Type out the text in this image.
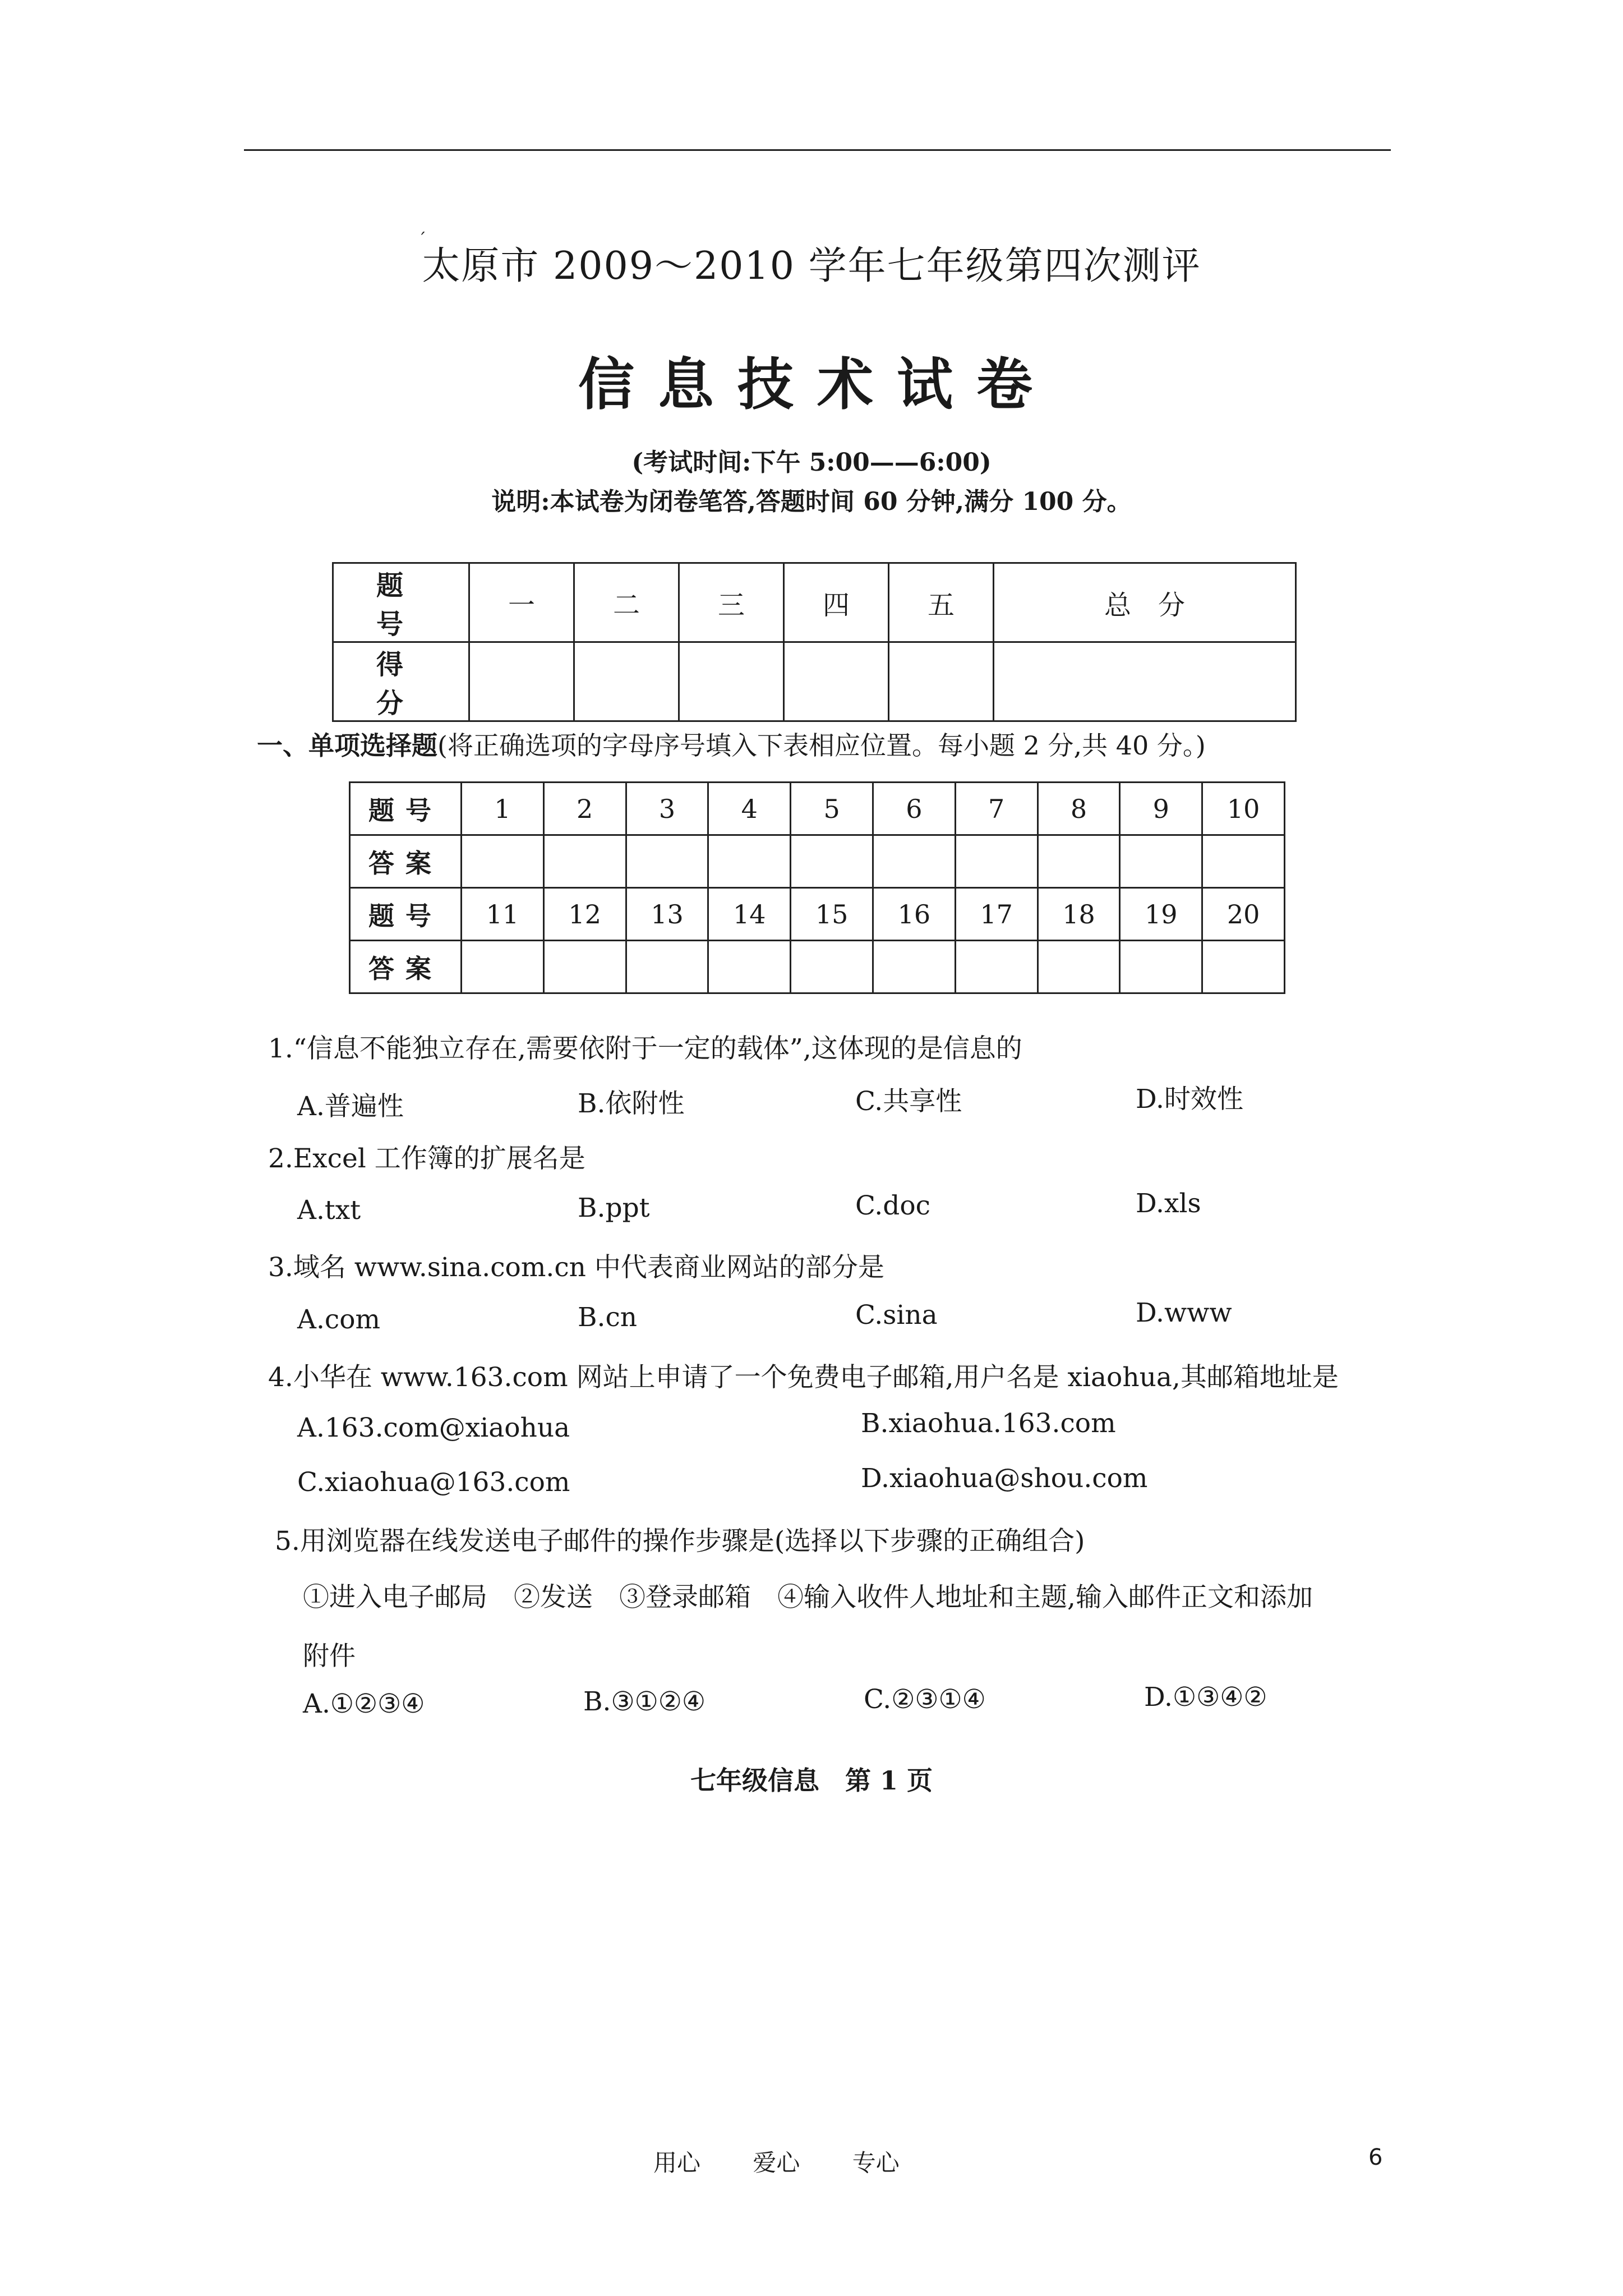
ˊ
太原市 2009～2010 学年七年级第四次测评
信息技术试卷
(考试时间:下午 5:00——6:00)
说明:本试卷为闭卷笔答,答题时间 60 分钟,满分 100 分。
题　号	一	二	三	四	五	总　分
得　分						
一、单项选择题(将正确选项的字母序号填入下表相应位置。每小题 2 分,共 40 分。)
题号	1	2	3	4	5	6	7	8	9	10
答案										
题号	11	12	13	14	15	16	17	18	19	20
答案										
1.“信息不能独立存在,需要依附于一定的载体”,这体现的是信息的
A.普遍性	B.依附性	C.共享性	D.时效性
2.Excel 工作簿的扩展名是
A.txt	B.ppt	C.doc	D.xls
3.域名 www.sina.com.cn 中代表商业网站的部分是
A.com	B.cn	C.sina	D.www
4.小华在 www.163.com 网站上申请了一个免费电子邮箱,用户名是 xiaohua,其邮箱地址是
A.163.com@xiaohua	B.xiaohua.163.com
C.xiaohua@163.com	D.xiaohua@shou.com
5.用浏览器在线发送电子邮件的操作步骤是(选择以下步骤的正确组合)
①进入电子邮局　②发送　③登录邮箱　④输入收件人地址和主题,输入邮件正文和添加
附件
A.①②③④	B.③①②④	C.②③①④	D.①③④②
七年级信息　第 1 页
用心 爱心 专心	6
